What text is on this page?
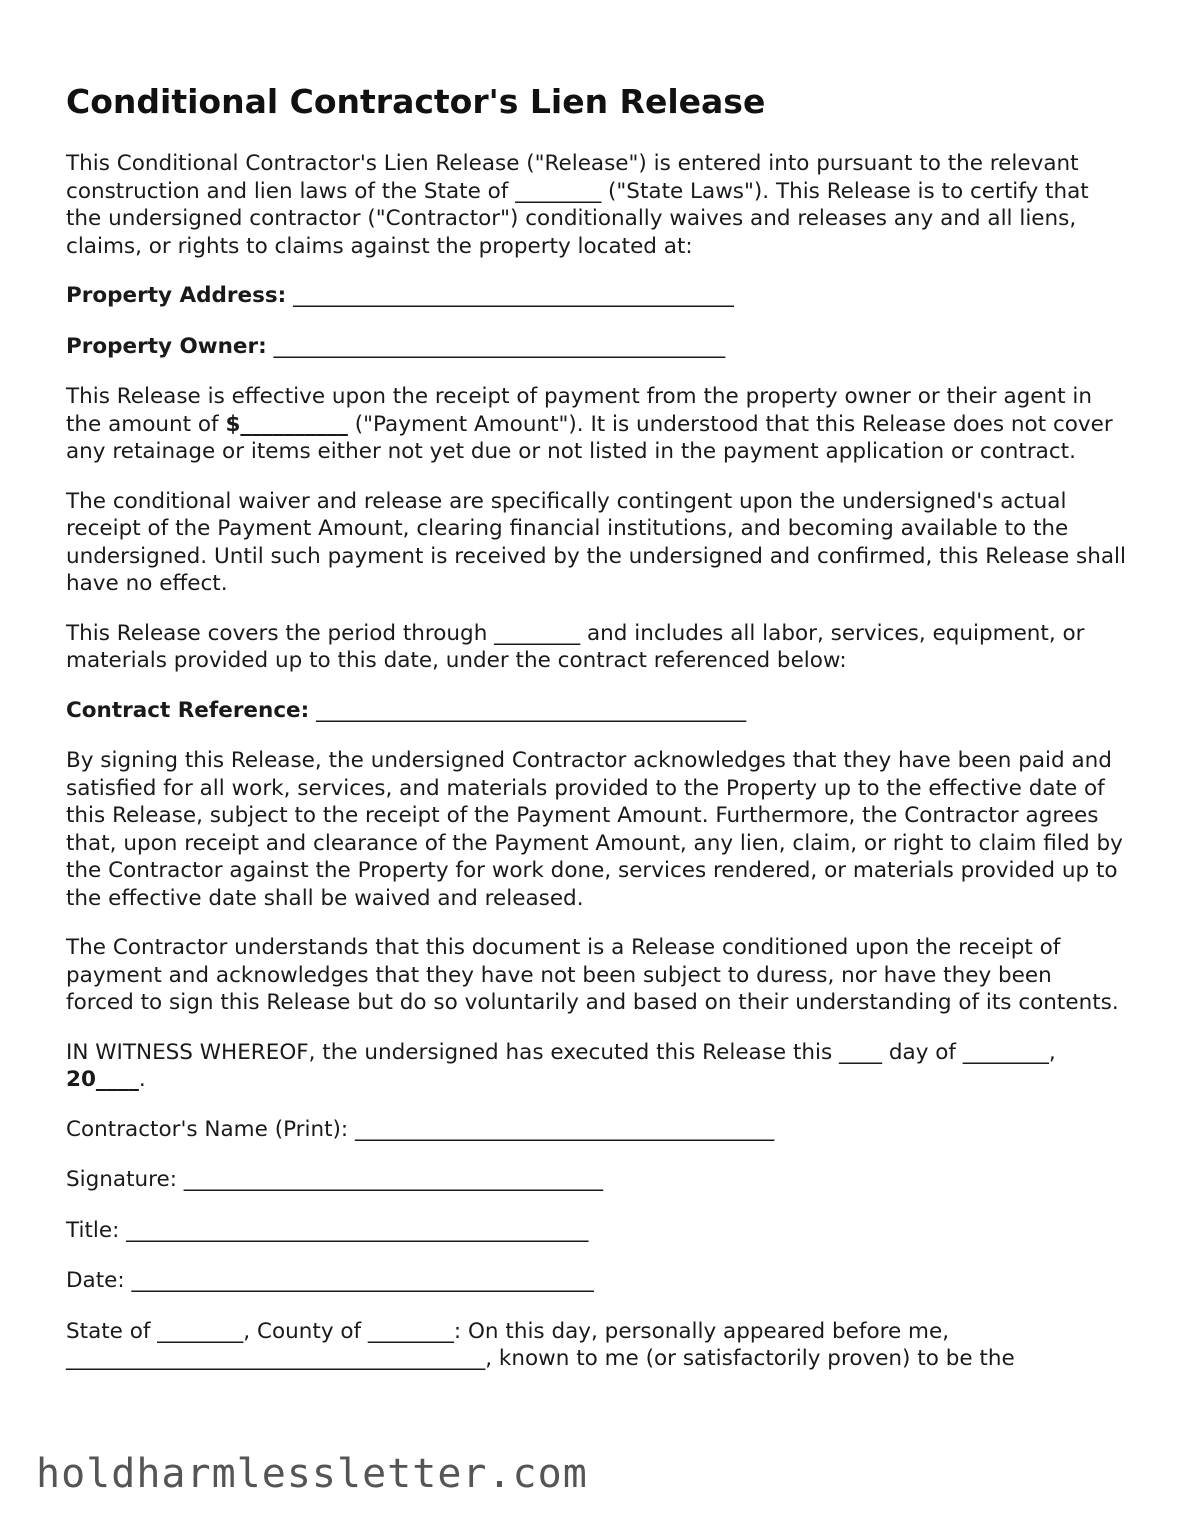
Conditional Contractor's Lien Release

This Conditional Contractor's Lien Release ("Release") is entered into pursuant to the relevant construction and lien laws of the State of ________ ("State Laws"). This Release is to certify that the undersigned contractor ("Contractor") conditionally waives and releases any and all liens, claims, or rights to claims against the property located at:

Property Address: _________________________________________

Property Owner: __________________________________________

This Release is effective upon the receipt of payment from the property owner or their agent in the amount of $__________ ("Payment Amount"). It is understood that this Release does not cover any retainage or items either not yet due or not listed in the payment application or contract.

The conditional waiver and release are specifically contingent upon the undersigned's actual receipt of the Payment Amount, clearing financial institutions, and becoming available to the undersigned. Until such payment is received by the undersigned and confirmed, this Release shall have no effect.

This Release covers the period through ________ and includes all labor, services, equipment, or materials provided up to this date, under the contract referenced below:

Contract Reference: ________________________________________

By signing this Release, the undersigned Contractor acknowledges that they have been paid and satisfied for all work, services, and materials provided to the Property up to the effective date of this Release, subject to the receipt of the Payment Amount. Furthermore, the Contractor agrees that, upon receipt and clearance of the Payment Amount, any lien, claim, or right to claim filed by the Contractor against the Property for work done, services rendered, or materials provided up to the effective date shall be waived and released.

The Contractor understands that this document is a Release conditioned upon the receipt of payment and acknowledges that they have not been subject to duress, nor have they been forced to sign this Release but do so voluntarily and based on their understanding of its contents.

IN WITNESS WHEREOF, the undersigned has executed this Release this ____ day of ________, 20____.

Contractor's Name (Print): _______________________________________

Signature: _______________________________________

Title: ___________________________________________

Date: ___________________________________________

State of ________, County of ________: On this day, personally appeared before me, _______________________________________, known to me (or satisfactorily proven) to be the

holdharmlessletter.com
